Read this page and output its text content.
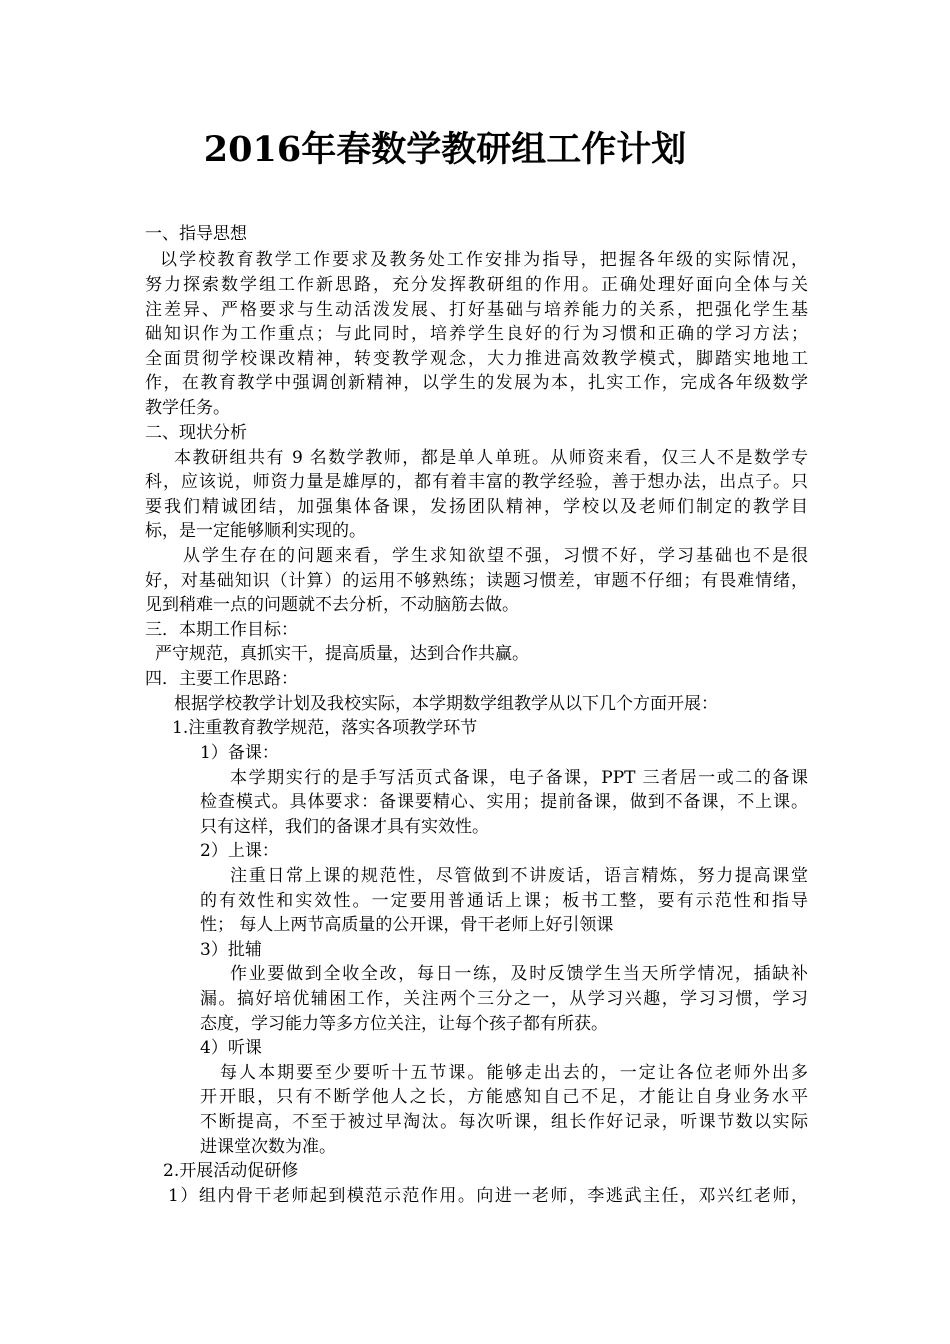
2016年春数学教研组工作计划
一、指导思想
以学校教育教学工作要求及教务处工作安排为指导，把握各年级的实际情况，
努力探索数学组工作新思路，充分发挥教研组的作用。正确处理好面向全体与关
注差异、严格要求与生动活泼发展、打好基础与培养能力的关系，把强化学生基
础知识作为工作重点；与此同时，培养学生良好的行为习惯和正确的学习方法；
全面贯彻学校课改精神，转变教学观念，大力推进高效教学模式，脚踏实地地工
作，在教育教学中强调创新精神，以学生的发展为本，扎实工作，完成各年级数学
教学任务。
二、现状分析
本教研组共有 9 名数学教师，都是单人单班。从师资来看，仅三人不是数学专
科，应该说，师资力量是雄厚的，都有着丰富的教学经验，善于想办法，出点子。只
要我们精诚团结，加强集体备课，发扬团队精神，学校以及老师们制定的教学目
标，是一定能够顺利实现的。
从学生存在的问题来看，学生求知欲望不强，习惯不好，学习基础也不是很
好，对基础知识（计算）的运用不够熟练；读题习惯差，审题不仔细；有畏难情绪，
见到稍难一点的问题就不去分析，不动脑筋去做。
三．本期工作目标：
严守规范，真抓实干，提高质量，达到合作共赢。
四．主要工作思路：
根据学校教学计划及我校实际，本学期数学组教学从以下几个方面开展：
1.注重教育教学规范，落实各项教学环节
1）备课：
本学期实行的是手写活页式备课，电子备课，PPT 三者居一或二的备课
检查模式。具体要求：备课要精心、实用；提前备课，做到不备课，不上课。
只有这样，我们的备课才具有实效性。
2）上课：
注重日常上课的规范性，尽管做到不讲废话，语言精炼，努力提高课堂
的有效性和实效性。一定要用普通话上课；板书工整，要有示范性和指导
性； 每人上两节高质量的公开课，骨干老师上好引领课
3）批辅
作业要做到全收全改，每日一练，及时反馈学生当天所学情况，插缺补
漏。搞好培优辅困工作，关注两个三分之一，从学习兴趣，学习习惯，学习
态度，学习能力等多方位关注，让每个孩子都有所获。
4）听课
每人本期要至少要听十五节课。能够走出去的，一定让各位老师外出多
开开眼，只有不断学他人之长，方能感知自己不足，才能让自身业务水平
不断提高，不至于被过早淘汰。每次听课，组长作好记录，听课节数以实际
进课堂次数为准。
2.开展活动促研修
1）组内骨干老师起到模范示范作用。向进一老师，李逃武主任，邓兴红老师，
